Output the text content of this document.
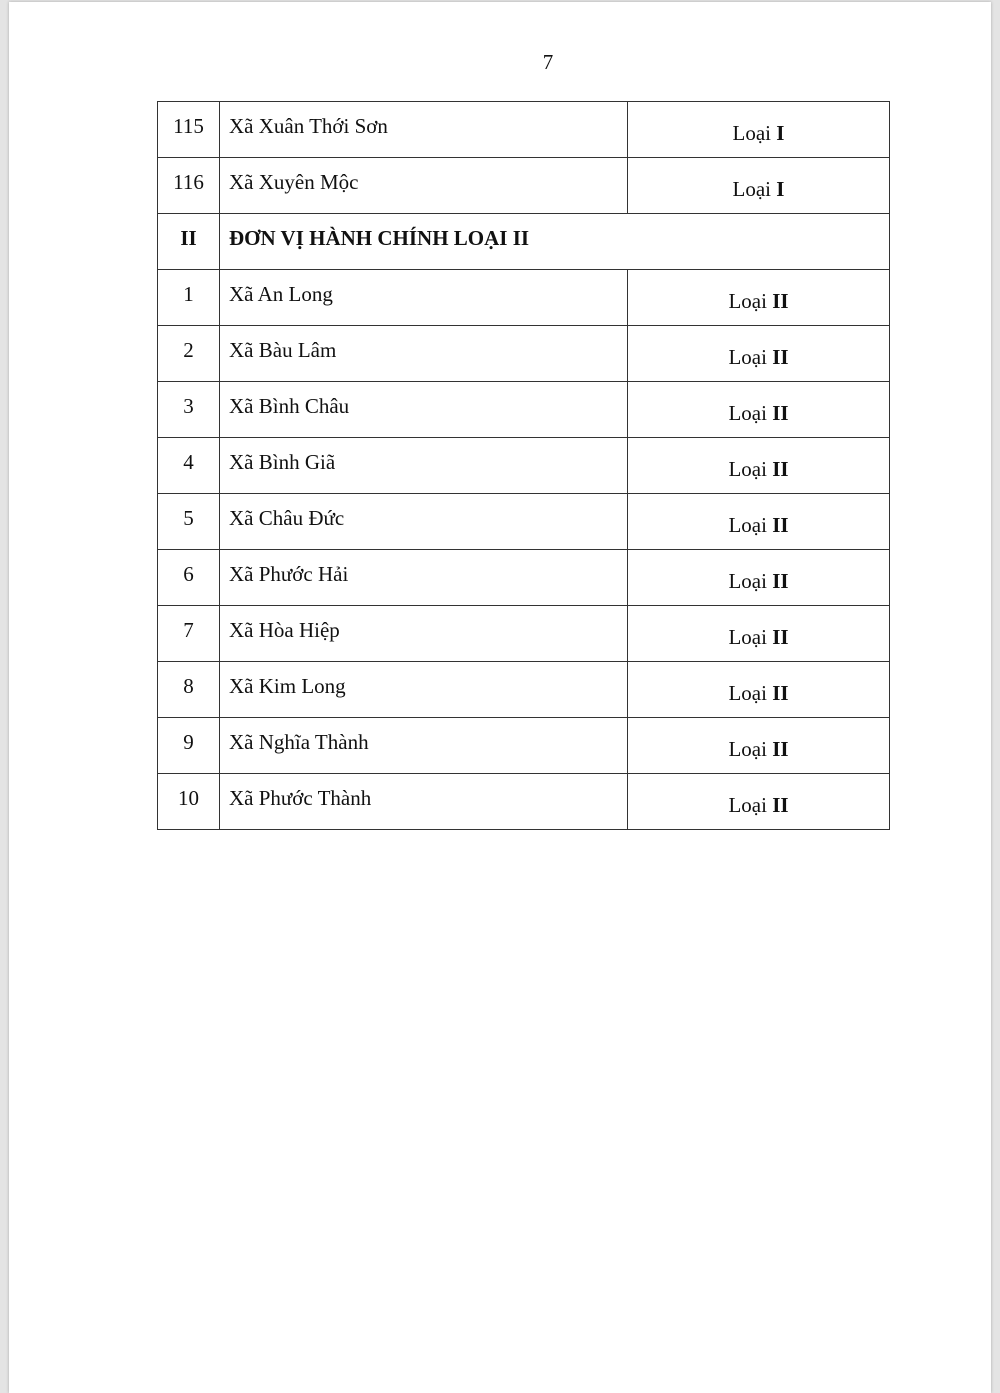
7
115	Xã Xuân Thới Sơn	Loại I
116	Xã Xuyên Mộc	Loại I
II	ĐƠN VỊ HÀNH CHÍNH LOẠI II	
1	Xã An Long	Loại II
2	Xã Bàu Lâm	Loại II
3	Xã Bình Châu	Loại II
4	Xã Bình Giã	Loại II
5	Xã Châu Đức	Loại II
6	Xã Phước Hải	Loại II
7	Xã Hòa Hiệp	Loại II
8	Xã Kim Long	Loại II
9	Xã Nghĩa Thành	Loại II
10	Xã Phước Thành	Loại II
